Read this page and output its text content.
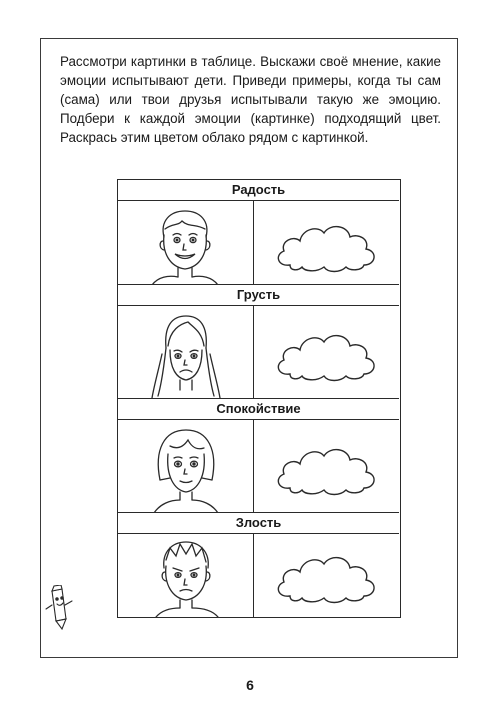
Рассмотри картинки в таблице. Выскажи своё мнение, какие эмоции испытывают дети. Приведи примеры, когда ты сам (сама) или твои друзья испытывали такую же эмоцию. Подбери к каждой эмоции (картинке) подходящий цвет. Раскрась этим цветом облако рядом с картинкой.

Радость
Грусть
Спокойствие
Злость
6
